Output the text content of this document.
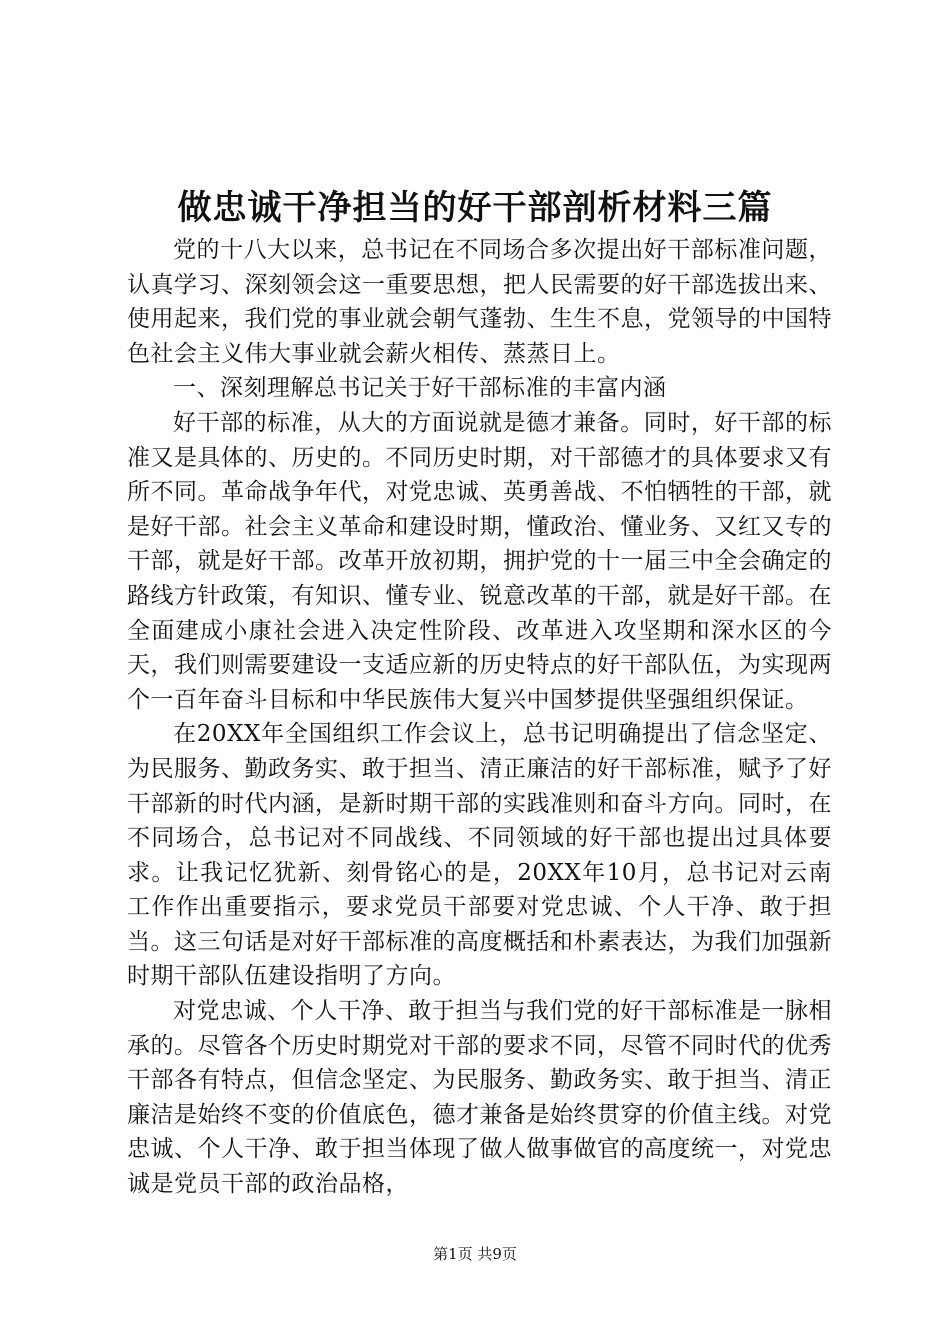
做忠诚干净担当的好干部剖析材料三篇

党的十八大以来，总书记在不同场合多次提出好干部标准问题，认真学习、深刻领会这一重要思想，把人民需要的好干部选拔出来、使用起来，我们党的事业就会朝气蓬勃、生生不息，党领导的中国特色社会主义伟大事业就会薪火相传、蒸蒸日上。

一、深刻理解总书记关于好干部标准的丰富内涵

好干部的标准，从大的方面说就是德才兼备。同时，好干部的标准又是具体的、历史的。不同历史时期，对干部德才的具体要求又有所不同。革命战争年代，对党忠诚、英勇善战、不怕牺牲的干部，就是好干部。社会主义革命和建设时期，懂政治、懂业务、又红又专的干部，就是好干部。改革开放初期，拥护党的十一届三中全会确定的路线方针政策，有知识、懂专业、锐意改革的干部，就是好干部。在全面建成小康社会进入决定性阶段、改革进入攻坚期和深水区的今天，我们则需要建设一支适应新的历史特点的好干部队伍，为实现两个一百年奋斗目标和中华民族伟大复兴中国梦提供坚强组织保证。

在20XX年全国组织工作会议上，总书记明确提出了信念坚定、为民服务、勤政务实、敢于担当、清正廉洁的好干部标准，赋予了好干部新的时代内涵，是新时期干部的实践准则和奋斗方向。同时，在不同场合，总书记对不同战线、不同领域的好干部也提出过具体要求。让我记忆犹新、刻骨铭心的是，20XX年10月，总书记对云南工作作出重要指示，要求党员干部要对党忠诚、个人干净、敢于担当。这三句话是对好干部标准的高度概括和朴素表达，为我们加强新时期干部队伍建设指明了方向。

对党忠诚、个人干净、敢于担当与我们党的好干部标准是一脉相承的。尽管各个历史时期党对干部的要求不同，尽管不同时代的优秀干部各有特点，但信念坚定、为民服务、勤政务实、敢于担当、清正廉洁是始终不变的价值底色，德才兼备是始终贯穿的价值主线。对党忠诚、个人干净、敢于担当体现了做人做事做官的高度统一，对党忠诚是党员干部的政治品格，

第1页 共9页
